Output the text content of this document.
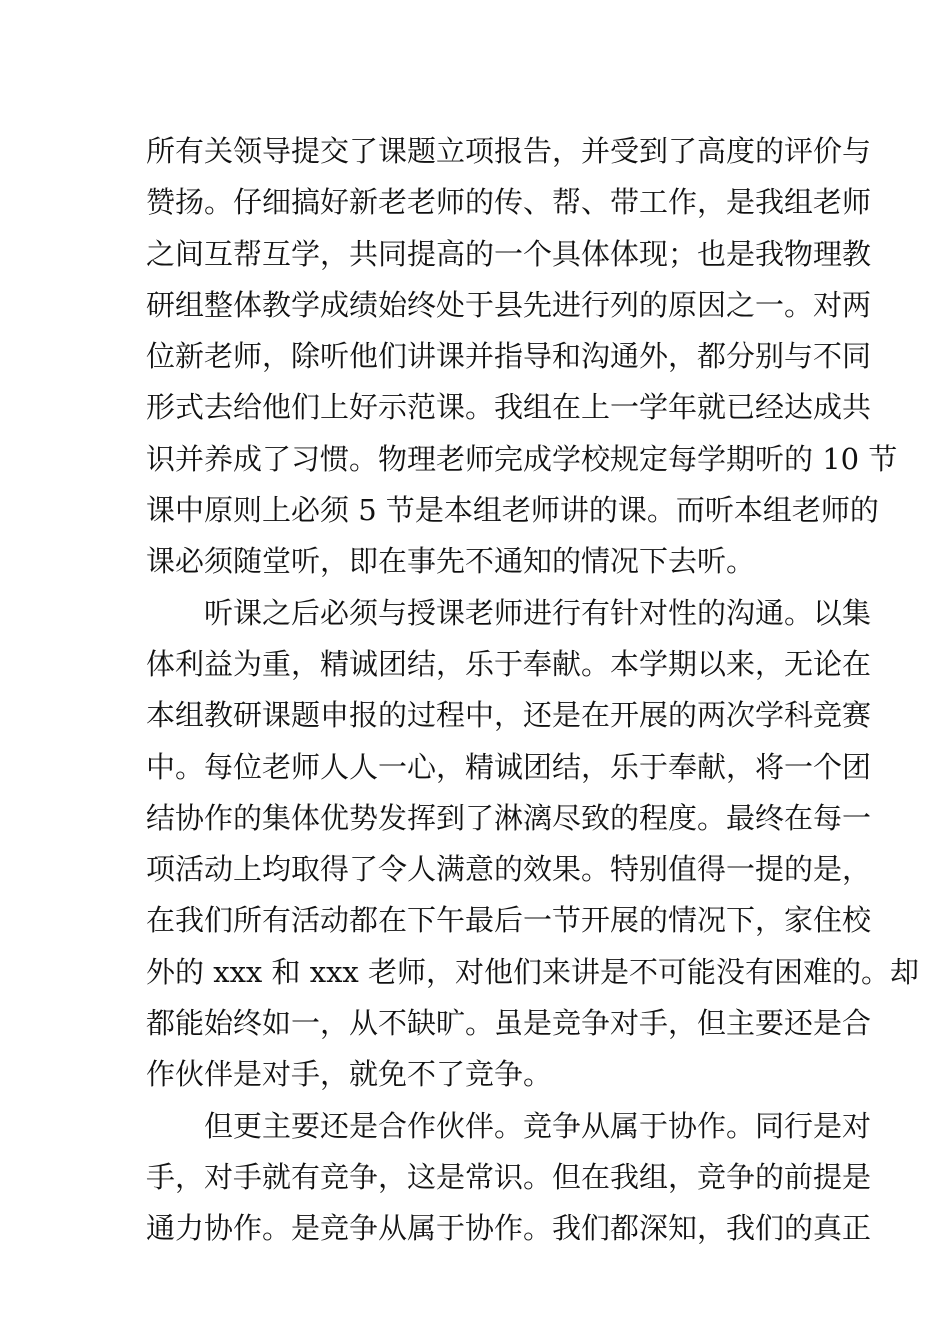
所有关领导提交了课题立项报告，并受到了高度的评价与
赞扬。仔细搞好新老老师的传、帮、带工作，是我组老师
之间互帮互学，共同提高的一个具体体现；也是我物理教
研组整体教学成绩始终处于县先进行列的原因之一。对两
位新老师，除听他们讲课并指导和沟通外，都分别与不同
形式去给他们上好示范课。我组在上一学年就已经达成共
识并养成了习惯。物理老师完成学校规定每学期听的 10 节
课中原则上必须 5 节是本组老师讲的课。而听本组老师的
课必须随堂听，即在事先不通知的情况下去听。
听课之后必须与授课老师进行有针对性的沟通。以集
体利益为重，精诚团结，乐于奉献。本学期以来，无论在
本组教研课题申报的过程中，还是在开展的两次学科竞赛
中。每位老师人人一心，精诚团结，乐于奉献，将一个团
结协作的集体优势发挥到了淋漓尽致的程度。最终在每一
项活动上均取得了令人满意的效果。特别值得一提的是，
在我们所有活动都在下午最后一节开展的情况下，家住校
外的 xxx 和 xxx 老师，对他们来讲是不可能没有困难的。却
都能始终如一，从不缺旷。虽是竞争对手，但主要还是合
作伙伴是对手，就免不了竞争。
但更主要还是合作伙伴。竞争从属于协作。同行是对
手，对手就有竞争，这是常识。但在我组，竞争的前提是
通力协作。是竞争从属于协作。我们都深知，我们的真正
